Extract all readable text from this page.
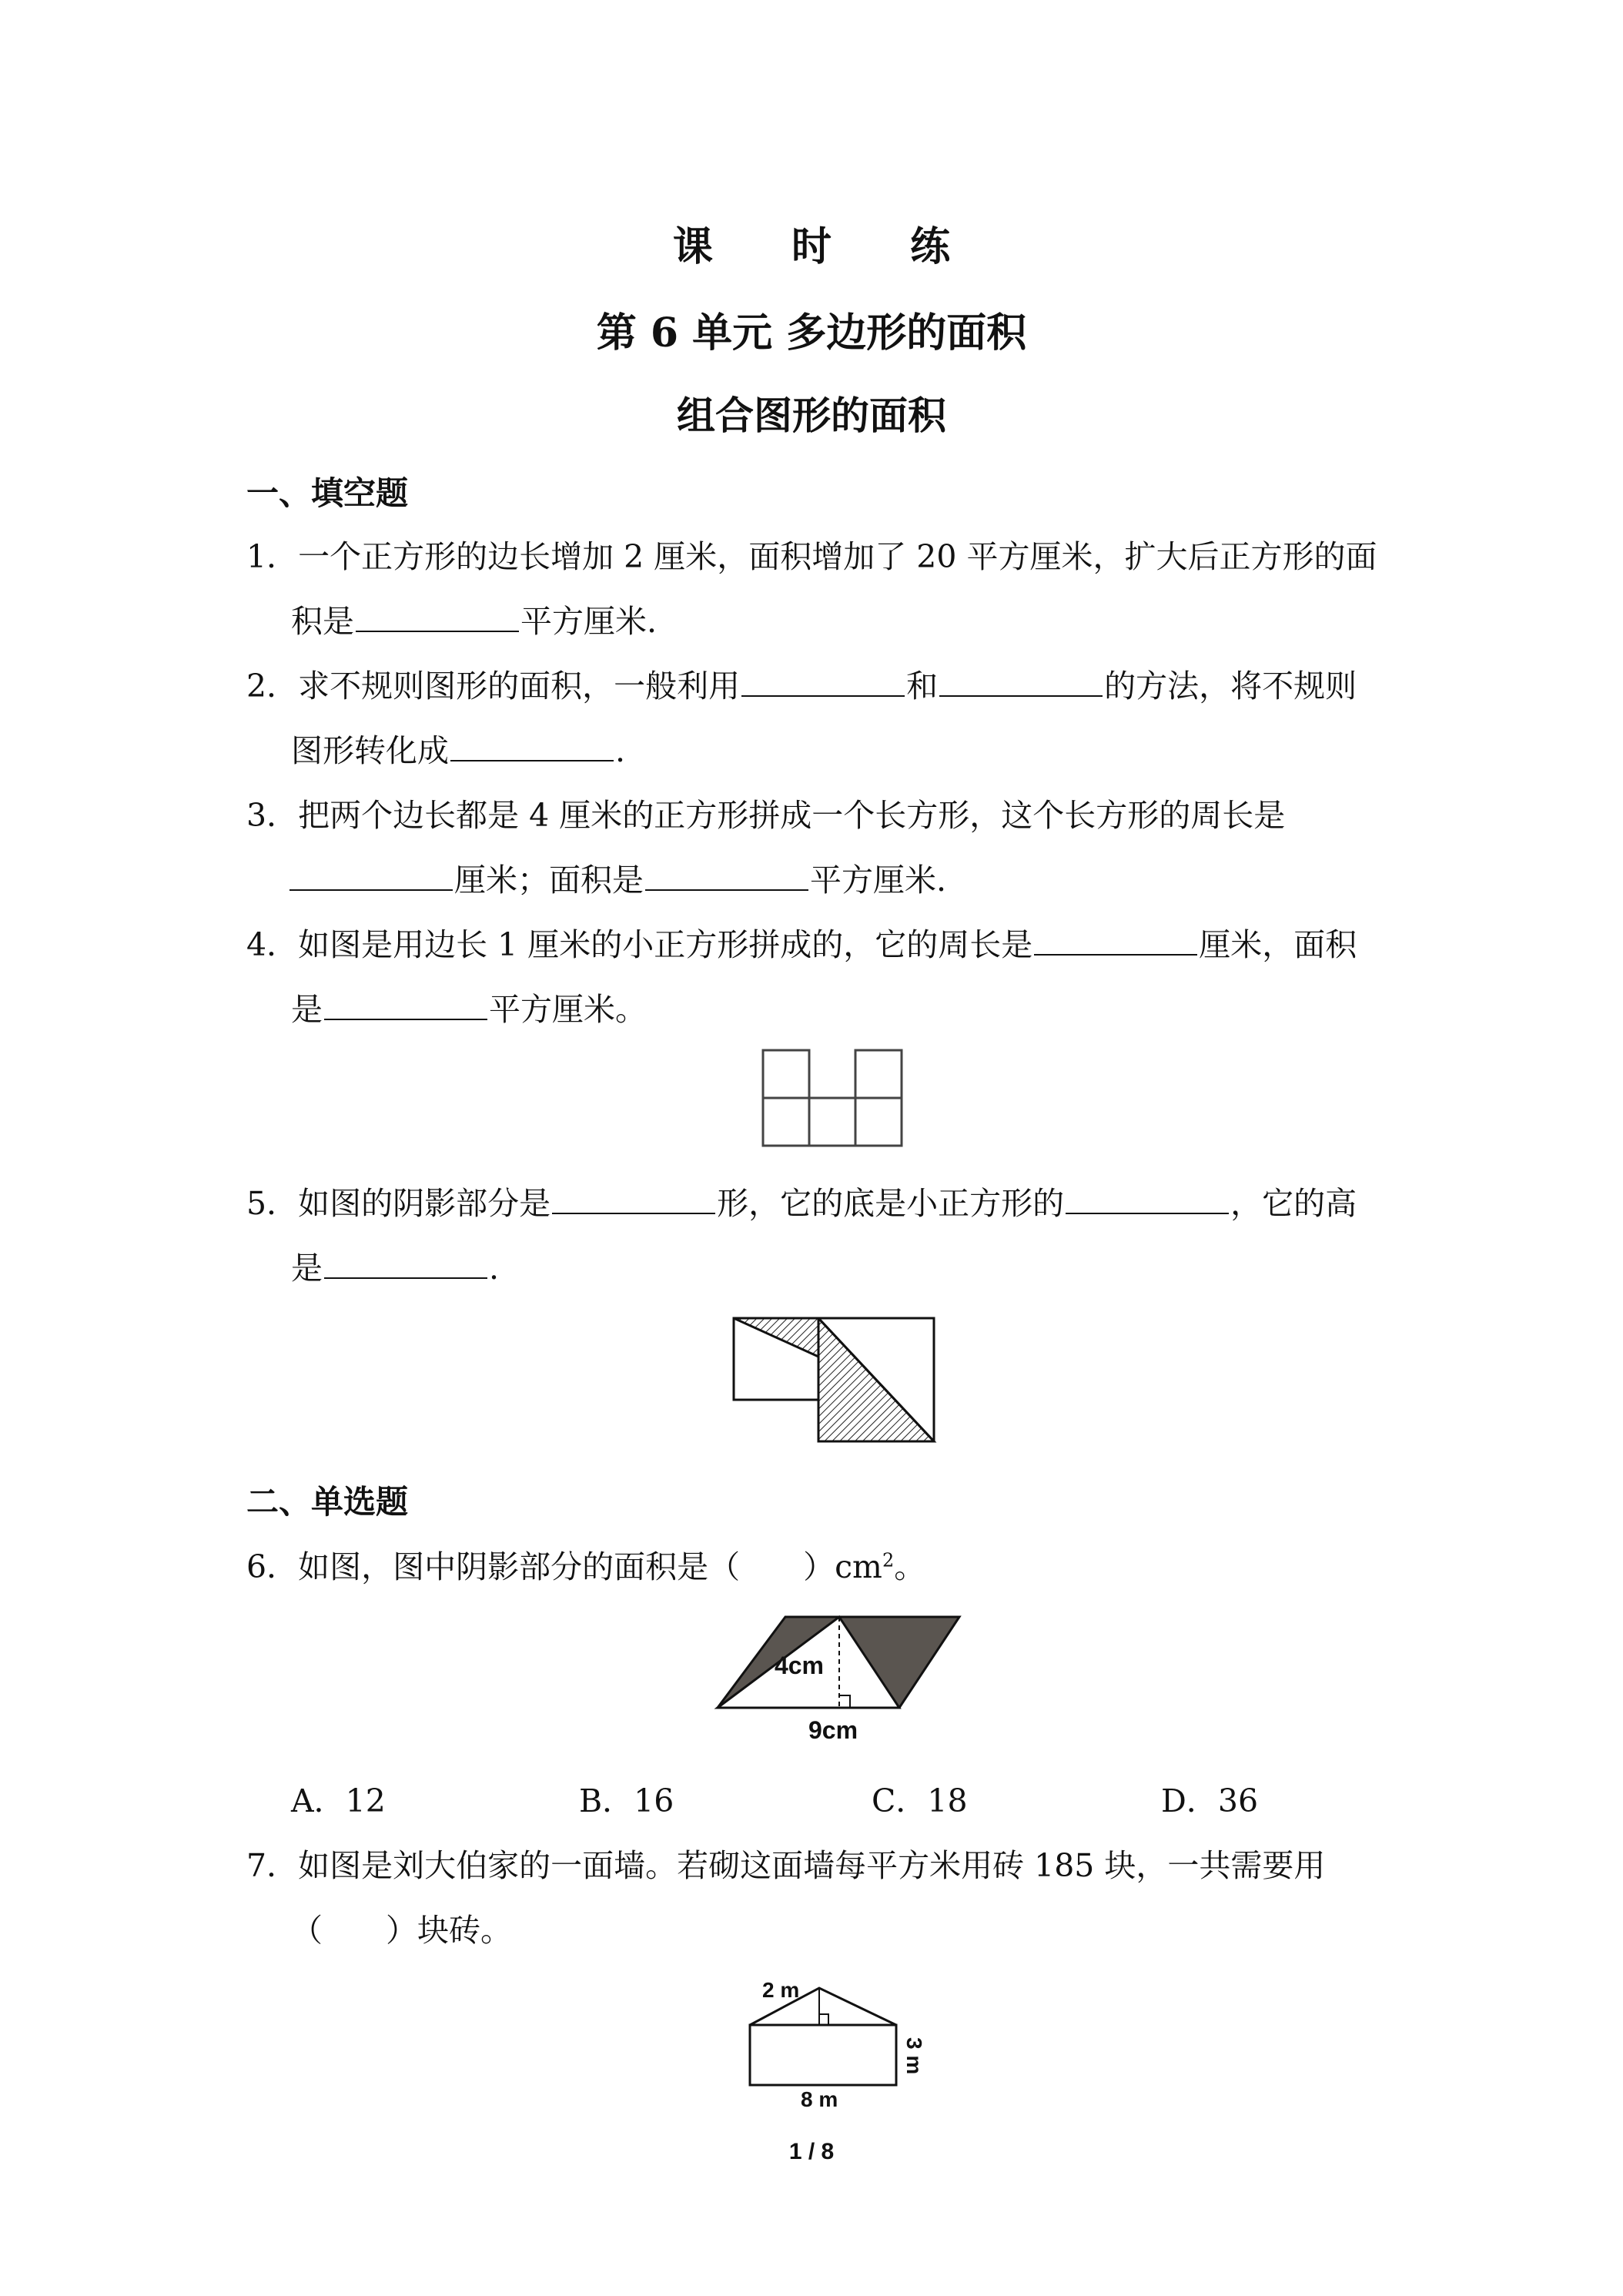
课 时 练
第 6 单元 多边形的面积
组合图形的面积
一、填空题
1．一个正方形的边长增加 2 厘米，面积增加了 20 平方厘米，扩大后正方形的面
积是	平方厘米.
2．求不规则图形的面积，一般利用	和	的方法，将不规则
图形转化成	.
3．把两个边长都是 4 厘米的正方形拼成一个长方形，这个长方形的周长是
厘米；面积是	平方厘米.
4．如图是用边长 1 厘米的小正方形拼成的，它的周长是	厘米，面积
是	平方厘米。
5．如图的阴影部分是	形，它的底是小正方形的	，它的高
是	.
二、单选题
6．如图，图中阴影部分的面积是（　　）$cm^2$。
4cm
9cm
A．12	B．16	C．18	D．36
7．如图是刘大伯家的一面墙。若砌这面墙每平方米用砖 185 块，一共需要用
（　　）块砖。
2 m
8 m
3 m
1 / 8
